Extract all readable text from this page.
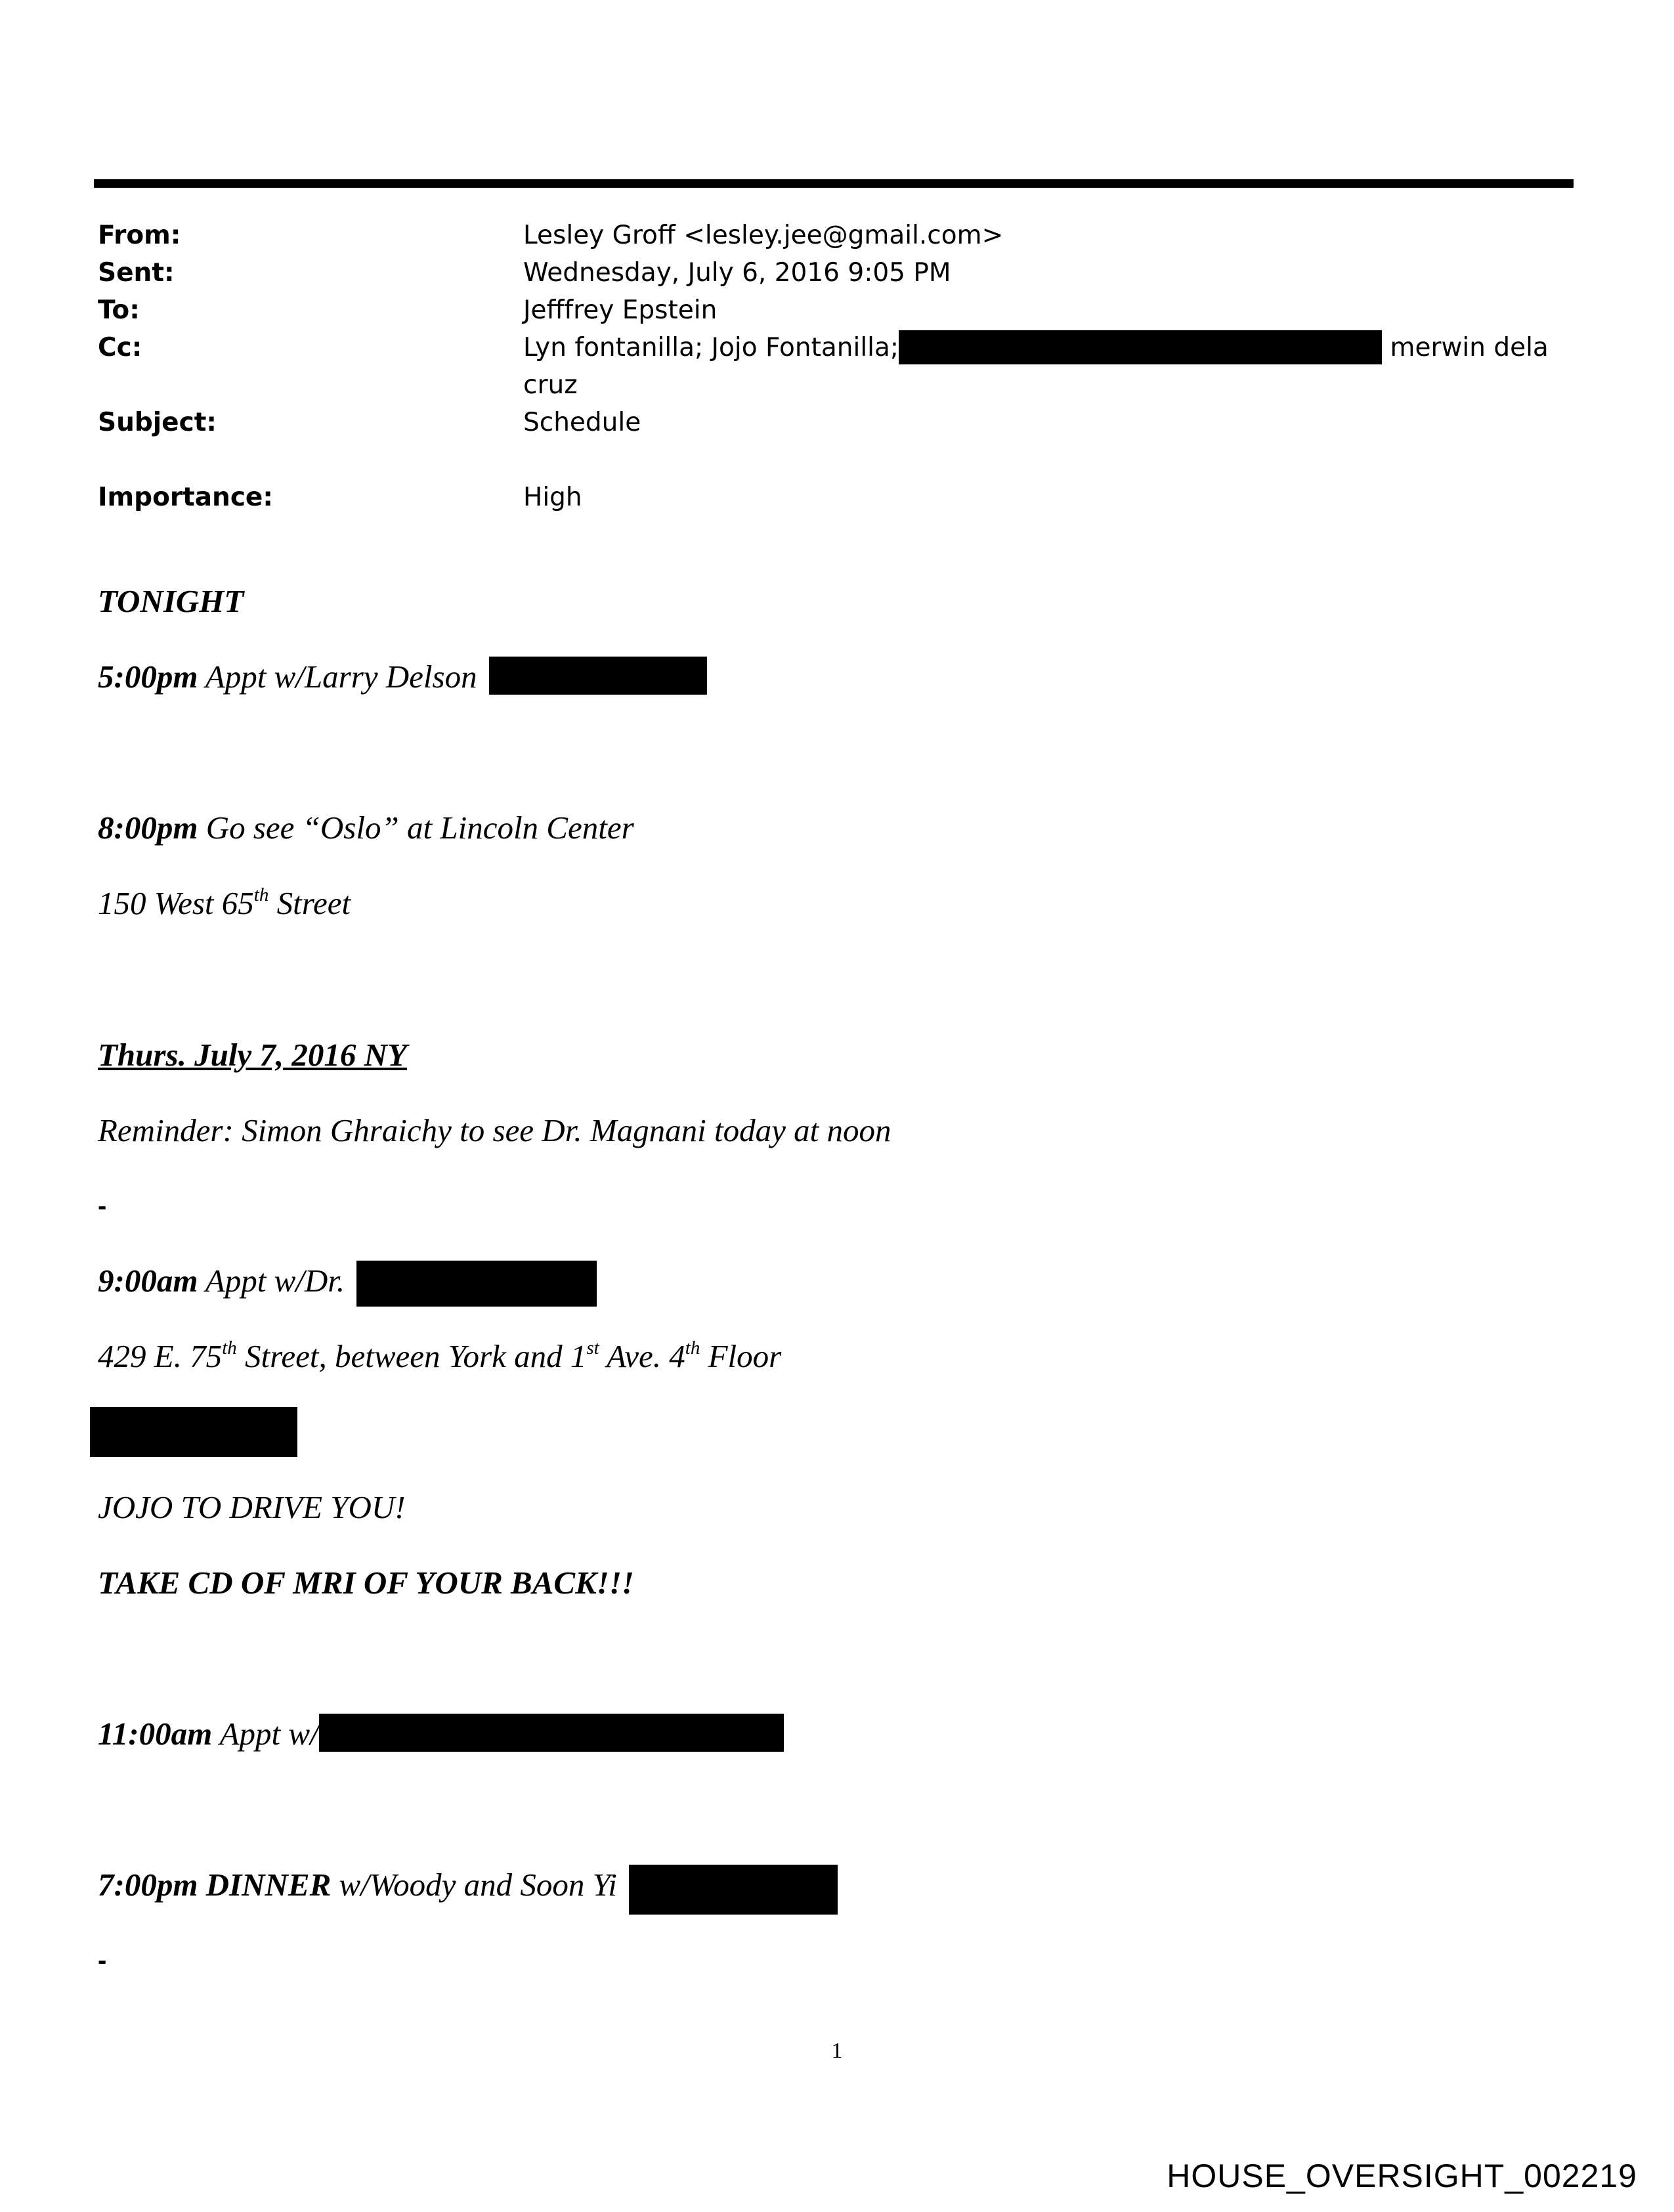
From:	Lesley Groff <lesley.jee@gmail.com>
Sent:	Wednesday, July 6, 2016 9:05 PM
To:	Jefffrey Epstein
Cc:	Lyn fontanilla; Jojo Fontanilla;	merwin dela
cruz
Subject:	Schedule
Importance:	High
TONIGHT
5:00pm Appt w/Larry Delson
8:00pm Go see “Oslo” at Lincoln Center
150 West 65th Street
Thurs. July 7, 2016 NY
Reminder: Simon Ghraichy to see Dr. Magnani today at noon
-
9:00am Appt w/Dr.
429 E. 75th Street, between York and 1st Ave. 4th Floor
JOJO TO DRIVE YOU!
TAKE CD OF MRI OF YOUR BACK!!!
11:00am Appt w/
7:00pm DINNER w/Woody and Soon Yi
-
1
HOUSE_OVERSIGHT_002219
